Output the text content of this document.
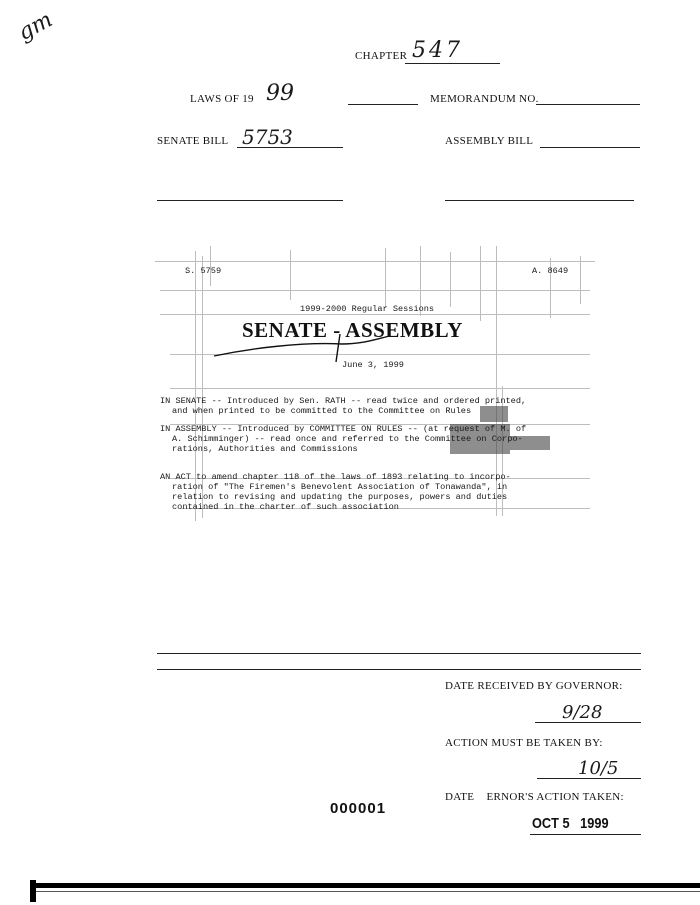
gm
CHAPTER 547
LAWS OF 19 99	MEMORANDUM NO.
SENATE BILL 5753	ASSEMBLY BILL
S. 5759	A. 8649
1999-2000 Regular Sessions
SENATE - ASSEMBLY
June 3, 1999
IN SENATE -- Introduced by Sen. RATH -- read twice and ordered printed,
and when printed to be committed to the Committee on Rules
IN ASSEMBLY -- Introduced by COMMITTEE ON RULES -- (at request of M. of
A. Schimminger) -- read once and referred to the Committee on Corpo-
rations, Authorities and Commissions
AN ACT to amend chapter 118 of the laws of 1893 relating to incorpo-
ration of "The Firemen's Benevolent Association of Tonawanda", in
relation to revising and updating the purposes, powers and duties
contained in the charter of such association
DATE RECEIVED BY GOVERNOR:
9/28
ACTION MUST BE TAKEN BY:
10/5
DATE    ERNOR'S ACTION TAKEN:
OCT 5   1999
000001
